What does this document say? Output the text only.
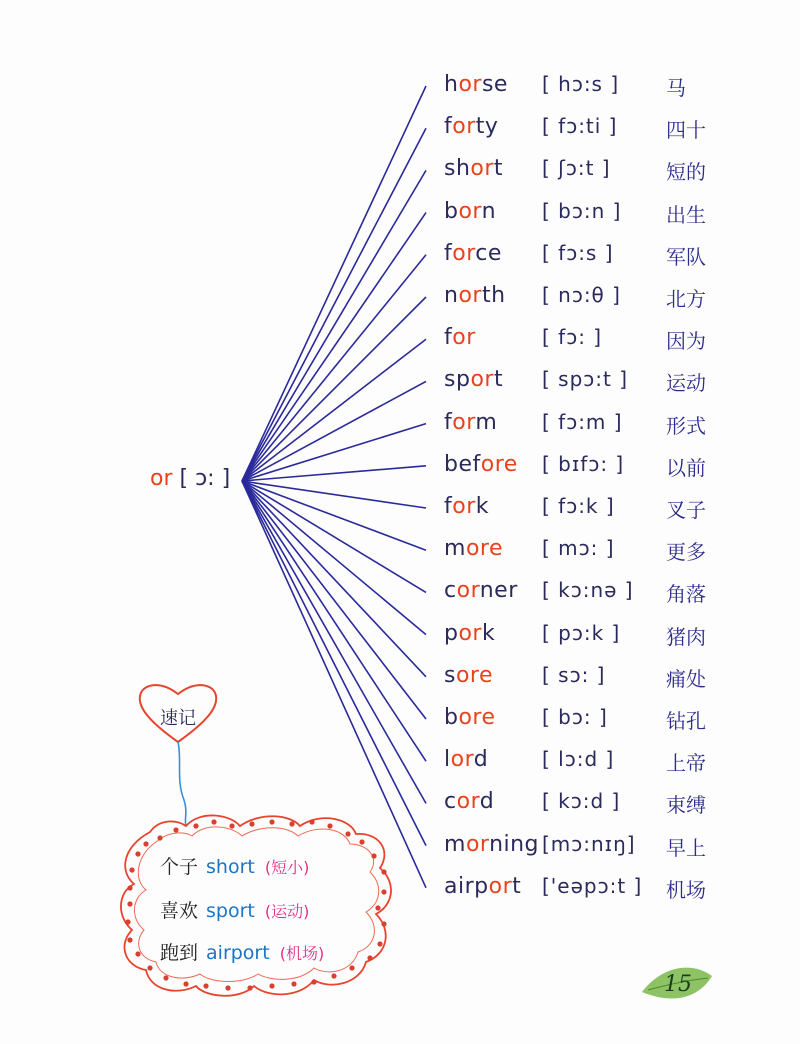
or [ ɔ: ]
horse [ hɔ:s ] 马
forty [ fɔ:ti ] 四十
short [ ʃɔ:t ]	短的
born [ bɔ:n ] 出生
force [ fɔ:s ]	军队
north [ nɔ:θ ] 北方
for	[ fɔ: ]	因为
sport [ spɔ:t ] 运动
form [ fɔ:m ] 形式
before [ bɪfɔ: ] 以前
fork	[ fɔ:k ]	叉子
more [ mɔ: ]	更多
corner [ kɔ:nə ] 角落
pork [ pɔ:k ] 猪肉
sore [ sɔ: ]	痛处
bore [ bɔ: ]	钻孔
lord	[ lɔ:d ]	上帝
cord [ kɔ:d ] 束缚
morning [mɔ:nɪŋ] 早上
airport ['eəpɔ:t ] 机场
速记
个子 short (短小)
喜欢 sport (运动)
跑到 airport (机场)
15
